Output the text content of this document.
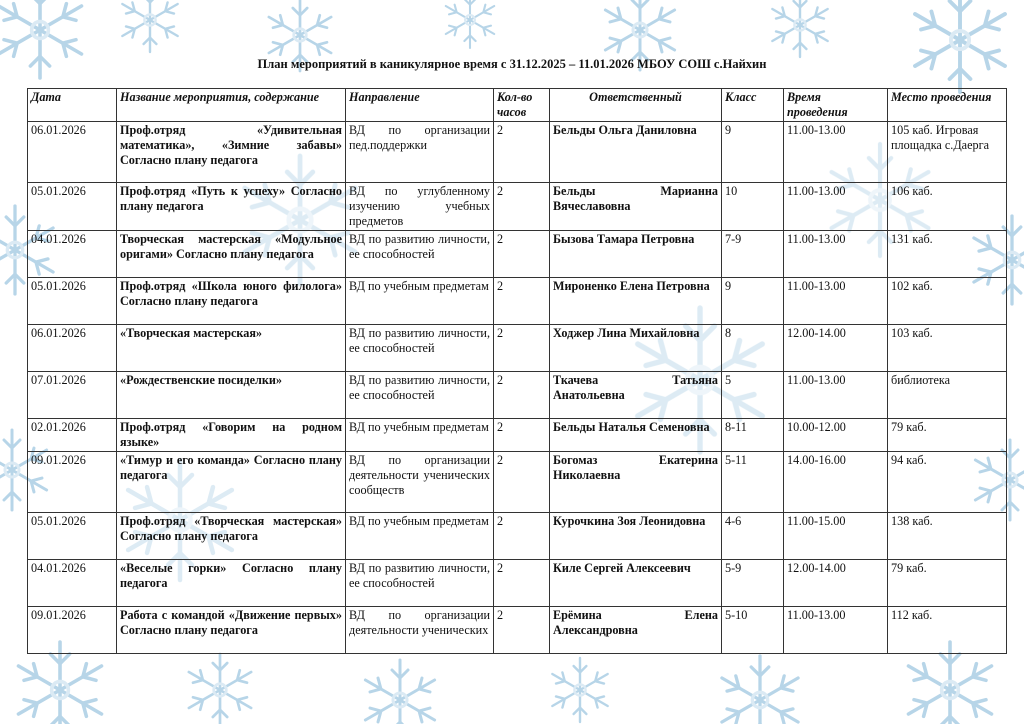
План мероприятий в каникулярное время с 31.12.2025 – 11.01.2026 МБОУ СОШ с.Найхин
Дата	Название мероприятия, содержание	Направление	Кол-во часов	Ответственный	Класс	Время проведения	Место проведения
06.01.2026	Проф.отряд «Удивительная математика», «Зимние забавы» Согласно плану педагога	ВД по организации пед.поддержки	2	Бельды Ольга Даниловна	9	11.00-13.00	105 каб. Игровая площадка с.Даерга
05.01.2026	Проф.отряд «Путь к успеху» Согласно плану педагога	ВД по углубленному изучению учебных предметов	2	Бельды Марианна Вячеславовна	10	11.00-13.00	106 каб.
04.01.2026	Творческая мастерская «Модульное оригами» Согласно плану педагога	ВД по развитию личности, ее способностей	2	Бызова Тамара Петровна	7-9	11.00-13.00	131 каб.
05.01.2026	Проф.отряд «Школа юного филолога» Согласно плану педагога	ВД по учебным предметам	2	Мироненко Елена Петровна	9	11.00-13.00	102 каб.
06.01.2026	«Творческая мастерская»	ВД по развитию личности, ее способностей	2	Ходжер Лина Михайловна	8	12.00-14.00	103 каб.
07.01.2026	«Рождественские посиделки»	ВД по развитию личности, ее способностей	2	Ткачева Татьяна Анатольевна	5	11.00-13.00	библиотека
02.01.2026	Проф.отряд «Говорим на родном языке»	ВД по учебным предметам	2	Бельды Наталья Семеновна	8-11	10.00-12.00	79 каб.
09.01.2026	«Тимур и его команда» Согласно плану педагога	ВД по организации деятельности ученических сообществ	2	Богомаз Екатерина Николаевна	5-11	14.00-16.00	94 каб.
05.01.2026	Проф.отряд «Творческая мастерская» Согласно плану педагога	ВД по учебным предметам	2	Курочкина Зоя Леонидовна	4-6	11.00-15.00	138 каб.
04.01.2026	«Веселые горки» Согласно плану педагога	ВД по развитию личности, ее способностей	2	Киле Сергей Алексеевич	5-9	12.00-14.00	79 каб.
09.01.2026	Работа с командой «Движение первых» Согласно плану педагога	ВД по организации деятельности ученических	2	Ерёмина Елена Александровна	5-10	11.00-13.00	112 каб.
